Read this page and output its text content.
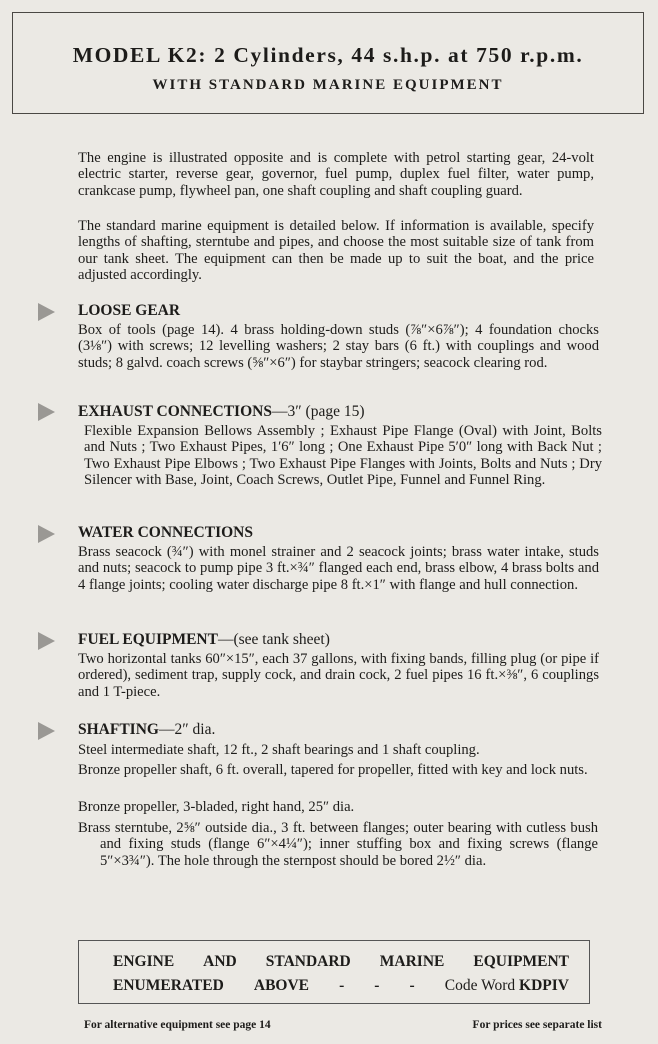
MODEL K2: 2 Cylinders, 44 s.h.p. at 750 r.p.m.
WITH STANDARD MARINE EQUIPMENT
The engine is illustrated opposite and is complete with petrol starting gear, 24-volt electric starter, reverse gear, governor, fuel pump, duplex fuel filter, water pump, crankcase pump, flywheel pan, one shaft coupling and shaft coupling guard.
The standard marine equipment is detailed below. If information is available, specify lengths of shafting, sterntube and pipes, and choose the most suitable size of tank from our tank sheet. The equipment can then be made up to suit the boat, and the price adjusted accordingly.
LOOSE GEAR
Box of tools (page 14). 4 brass holding-down studs (⅞″×6⅞″); 4 foundation chocks (3⅛″) with screws; 12 levelling washers; 2 stay bars (6 ft.) with couplings and wood studs; 8 galvd. coach screws (⅝″×6″) for staybar stringers; seacock clearing rod.
EXHAUST CONNECTIONS—3″ (page 15)
Flexible Expansion Bellows Assembly ; Exhaust Pipe Flange (Oval) with Joint, Bolts and Nuts ; Two Exhaust Pipes, 1′6″ long ; One Exhaust Pipe 5′0″ long with Back Nut ; Two Exhaust Pipe Elbows ; Two Exhaust Pipe Flanges with Joints, Bolts and Nuts ; Dry Silencer with Base, Joint, Coach Screws, Outlet Pipe, Funnel and Funnel Ring.
WATER CONNECTIONS
Brass seacock (¾″) with monel strainer and 2 seacock joints; brass water intake, studs and nuts; seacock to pump pipe 3 ft.×¾″ flanged each end, brass elbow, 4 brass bolts and 4 flange joints; cooling water discharge pipe 8 ft.×1″ with flange and hull connection.
FUEL EQUIPMENT—(see tank sheet)
Two horizontal tanks 60″×15″, each 37 gallons, with fixing bands, filling plug (or pipe if ordered), sediment trap, supply cock, and drain cock, 2 fuel pipes 16 ft.×⅜″, 6 couplings and 1 T-piece.
SHAFTING—2″ dia.
Steel intermediate shaft, 12 ft., 2 shaft bearings and 1 shaft coupling.
Bronze propeller shaft, 6 ft. overall, tapered for propeller, fitted with key and lock nuts.
Bronze propeller, 3-bladed, right hand, 25″ dia.
Brass sterntube, 2⅝″ outside dia., 3 ft. between flanges; outer bearing with cutless bush and fixing studs (flange 6″×4¼″); inner stuffing box and fixing screws (flange 5″×3¾″). The hole through the sternpost should be bored 2½″ dia.
ENGINE AND STANDARD MARINE EQUIPMENT
ENUMERATED ABOVE - - - Code Word KDPIV
For alternative equipment see page 14	For prices see separate list
